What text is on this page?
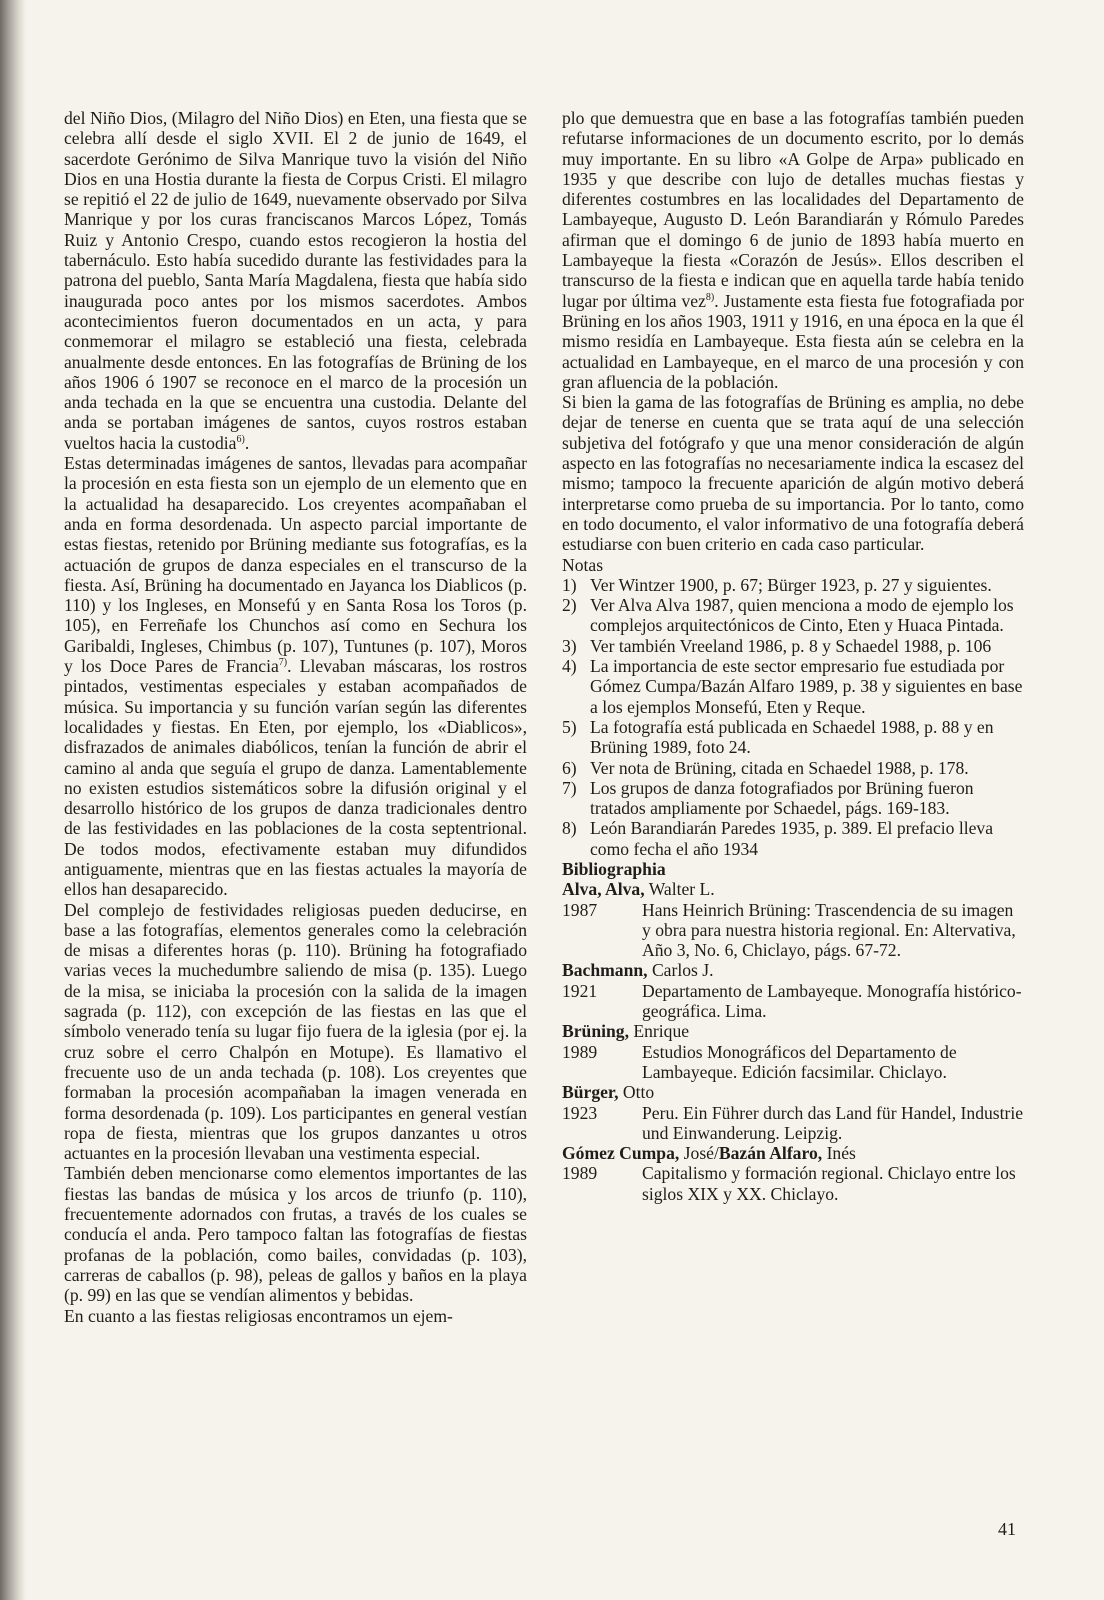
del Niño Dios, (Milagro del Niño Dios) en Eten, una fiesta que se celebra allí desde el siglo XVII. El 2 de junio de 1649, el sacerdote Gerónimo de Silva Manrique tuvo la visión del Niño Dios en una Hostia durante la fiesta de Corpus Cristi. El milagro se repitió el 22 de julio de 1649, nuevamente observado por Silva Manrique y por los curas franciscanos Marcos López, Tomás Ruiz y Antonio Crespo, cuando estos recogieron la hostia del tabernáculo. Esto había sucedido durante las festividades para la patrona del pueblo, Santa María Magdalena, fiesta que había sido inaugurada poco antes por los mismos sacerdotes. Ambos acontecimientos fueron documentados en un acta, y para conmemorar el milagro se estableció una fiesta, celebrada anualmente desde entonces. En las fotografías de Brüning de los años 1906 ó 1907 se reconoce en el marco de la procesión un anda techada en la que se encuentra una custodia. Delante del anda se portaban imágenes de santos, cuyos rostros estaban vueltos hacia la custodia$^{6)}$.

Estas determinadas imágenes de santos, llevadas para acompañar la procesión en esta fiesta son un ejemplo de un elemento que en la actualidad ha desaparecido. Los creyentes acompañaban el anda en forma desordenada. Un aspecto parcial importante de estas fiestas, retenido por Brüning mediante sus fotografías, es la actuación de grupos de danza especiales en el transcurso de la fiesta. Así, Brüning ha documentado en Jayanca los Diablicos (p. 110) y los Ingleses, en Monsefú y en Santa Rosa los Toros (p. 105), en Ferreñafe los Chunchos así como en Sechura los Garibaldi, Ingleses, Chimbus (p. 107), Tuntunes (p. 107), Moros y los Doce Pares de Francia$^{7)}$. Llevaban máscaras, los rostros pintados, vestimentas especiales y estaban acompañados de música. Su importancia y su función varían según las diferentes localidades y fiestas. En Eten, por ejemplo, los «Diablicos», disfrazados de animales diabólicos, tenían la función de abrir el camino al anda que seguía el grupo de danza. Lamentablemente no existen estudios sistemáticos sobre la difusión original y el desarrollo histórico de los grupos de danza tradicionales dentro de las festividades en las poblaciones de la costa septentrional. De todos modos, efectivamente estaban muy difundidos antiguamente, mientras que en las fiestas actuales la mayoría de ellos han desaparecido.

Del complejo de festividades religiosas pueden deducirse, en base a las fotografías, elementos generales como la celebración de misas a diferentes horas (p. 110). Brüning ha fotografiado varias veces la muchedumbre saliendo de misa (p. 135). Luego de la misa, se iniciaba la procesión con la salida de la imagen sagrada (p. 112), con excepción de las fiestas en las que el símbolo venerado tenía su lugar fijo fuera de la iglesia (por ej. la cruz sobre el cerro Chalpón en Motupe). Es llamativo el frecuente uso de un anda techada (p. 108). Los creyentes que formaban la procesión acompañaban la imagen venerada en forma desordenada (p. 109). Los participantes en general vestían ropa de fiesta, mientras que los grupos danzantes u otros actuantes en la procesión llevaban una vestimenta especial.

También deben mencionarse como elementos importantes de las fiestas las bandas de música y los arcos de triunfo (p. 110), frecuentemente adornados con frutas, a través de los cuales se conducía el anda. Pero tampoco faltan las fotografías de fiestas profanas de la población, como bailes, convidadas (p. 103), carreras de caballos (p. 98), peleas de gallos y baños en la playa (p. 99) en las que se vendían alimentos y bebidas.

En cuanto a las fiestas religiosas encontramos un ejem-

plo que demuestra que en base a las fotografías también pueden refutarse informaciones de un documento escrito, por lo demás muy importante. En su libro «A Golpe de Arpa» publicado en 1935 y que describe con lujo de detalles muchas fiestas y diferentes costumbres en las localidades del Departamento de Lambayeque, Augusto D. León Barandiarán y Rómulo Paredes afirman que el domingo 6 de junio de 1893 había muerto en Lambayeque la fiesta «Corazón de Jesús». Ellos describen el transcurso de la fiesta e indican que en aquella tarde había tenido lugar por última vez$^{8)}$. Justamente esta fiesta fue fotografiada por Brüning en los años 1903, 1911 y 1916, en una época en la que él mismo residía en Lambayeque. Esta fiesta aún se celebra en la actualidad en Lambayeque, en el marco de una procesión y con gran afluencia de la población.

Si bien la gama de las fotografías de Brüning es amplia, no debe dejar de tenerse en cuenta que se trata aquí de una selección subjetiva del fotógrafo y que una menor consideración de algún aspecto en las fotografías no necesariamente indica la escasez del mismo; tampoco la frecuente aparición de algún motivo deberá interpretarse como prueba de su importancia. Por lo tanto, como en todo documento, el valor informativo de una fotografía deberá estudiarse con buen criterio en cada caso particular.

Notas

1) Ver Wintzer 1900, p. 67; Bürger 1923, p. 27 y siguientes.
2) Ver Alva Alva 1987, quien menciona a modo de ejemplo los complejos arquitectónicos de Cinto, Eten y Huaca Pintada.
3) Ver también Vreeland 1986, p. 8 y Schaedel 1988, p. 106
4) La importancia de este sector empresario fue estudiada por Gómez Cumpa/Bazán Alfaro 1989, p. 38 y siguientes en base a los ejemplos Monsefú, Eten y Reque.
5) La fotografía está publicada en Schaedel 1988, p. 88 y en Brüning 1989, foto 24.
6) Ver nota de Brüning, citada en Schaedel 1988, p. 178.
7) Los grupos de danza fotografiados por Brüning fueron tratados ampliamente por Schaedel, págs. 169-183.
8) León Barandiarán Paredes 1935, p. 389. El prefacio lleva como fecha el año 1934

Bibliographia

Alva, Alva, Walter L.
1987	Hans Heinrich Brüning: Trascendencia de su imagen y obra para nuestra historia regional. En: Altervativa, Año 3, No. 6, Chiclayo, págs. 67-72.
Bachmann, Carlos J.
1921	Departamento de Lambayeque. Monografía histórico-geográfica. Lima.
Brüning, Enrique
1989	Estudios Monográficos del Departamento de Lambayeque. Edición facsimilar. Chiclayo.
Bürger, Otto
1923	Peru. Ein Führer durch das Land für Handel, Industrie und Einwanderung. Leipzig.
Gómez Cumpa, José/Bazán Alfaro, Inés
1989	Capitalismo y formación regional. Chiclayo entre los siglos XIX y XX. Chiclayo.
41
